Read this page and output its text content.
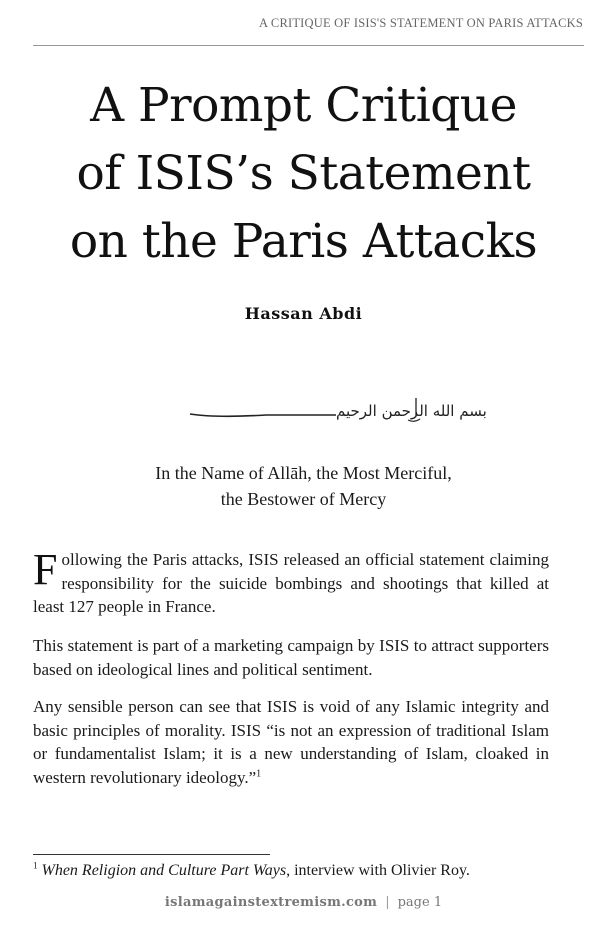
A CRITIQUE OF ISIS'S STATEMENT ON PARIS ATTACKS
A Prompt Critique
of ISIS’s Statement
on the Paris Attacks
Hassan Abdi
بسم الله الرحمن الرحيم
In the Name of Allāh, the Most Merciful,
the Bestower of Mercy

Following the Paris attacks, ISIS released an official statement claiming responsibility for the suicide bombings and shootings that killed at least 127 people in France.

This statement is part of a marketing campaign by ISIS to attract supporters based on ideological lines and political sentiment.

Any sensible person can see that ISIS is void of any Islamic integrity and basic principles of morality. ISIS “is not an expression of traditional Islam or fundamentalist Islam; it is a new understanding of Islam, cloaked in western revolutionary ideology.”$^1$

$^1$ When Religion and Culture Part Ways, interview with Olivier Roy.
islamagainstextremism.com | page 1
